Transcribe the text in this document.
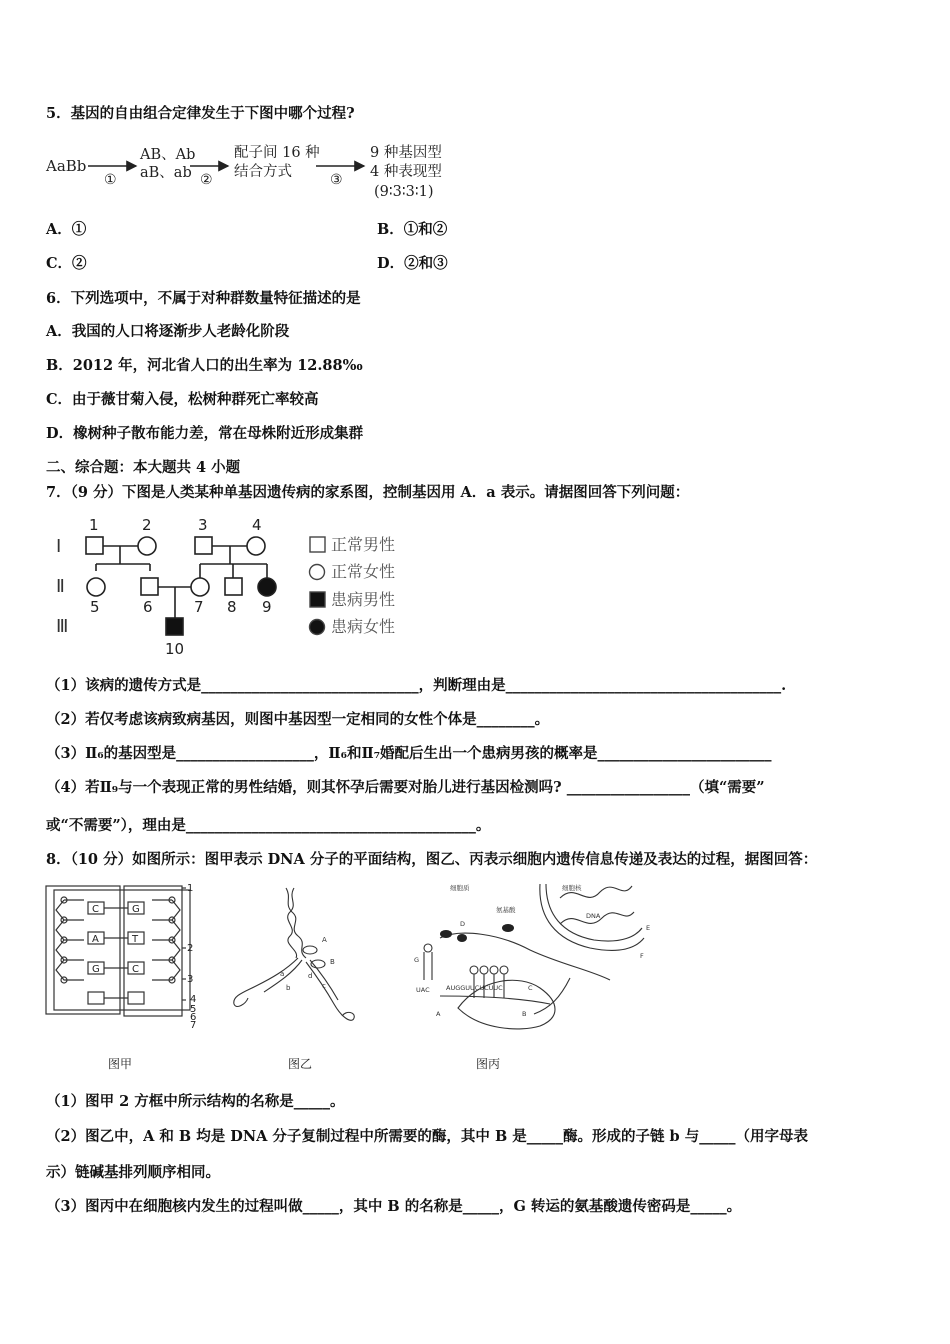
5．基因的自由组合定律发生于下图中哪个过程?
AaBb
①
AB、Ab
aB、ab ②
配子间 16 种
结合方式	③
9 种基因型
4 种表现型
(9∶3∶3∶1)
A．①	B．①和②
C．②	D．②和③
6．下列选项中，不属于对种群数量特征描述的是
A．我国的人口将逐渐步人老龄化阶段
B．2012 年，河北省人口的出生率为 12.88‰
C．由于薇甘菊入侵，松树种群死亡率较高
D．橡树种子散布能力差，常在母株附近形成集群
二、综合题：本大题共 4 小题
7．（9 分）下图是人类某种单基因遗传病的家系图，控制基因用 A．a 表示。请据图回答下列问题：
Ⅰ
Ⅱ
Ⅲ
1	2	3	4
5	6	7 8 9
10
正常男性
正常女性
患病男性
患病女性
（1）该病的遗传方式是______________________________，判断理由是______________________________________.
（2）若仅考虑该病致病基因，则图中基因型一定相同的女性个体是________。
（3）Ⅱ₆的基因型是___________________，Ⅱ₆和Ⅱ₇婚配后生出一个患病男孩的概率是________________________
（4）若Ⅱ₉与一个表现正常的男性结婚，则其怀孕后需要对胎儿进行基因检测吗? _________________（填“需要”
或“不需要”），理由是________________________________________。
8．（10 分）如图所示：图甲表示 DNA 分子的平面结构，图乙、丙表示细胞内遗传信息传递及表达的过程，据图回答：
C
A
G
G
T
C
1
2
3
4
5
6
7
图甲
A
B
a
b	c
d
图乙
细胞质
氨基酸
细胞核
DNA
A	B
C
D	E
F
G
UAC	AUGGUUCUCUUC
图丙
（1）图甲 2 方框中所示结构的名称是_____。
（2）图乙中，A 和 B 均是 DNA 分子复制过程中所需要的酶，其中 B 是_____酶。形成的子链 b 与_____（用字母表
示）链碱基排列顺序相同。
（3）图丙中在细胞核内发生的过程叫做_____，其中 B 的名称是_____，G 转运的氨基酸遗传密码是_____。
